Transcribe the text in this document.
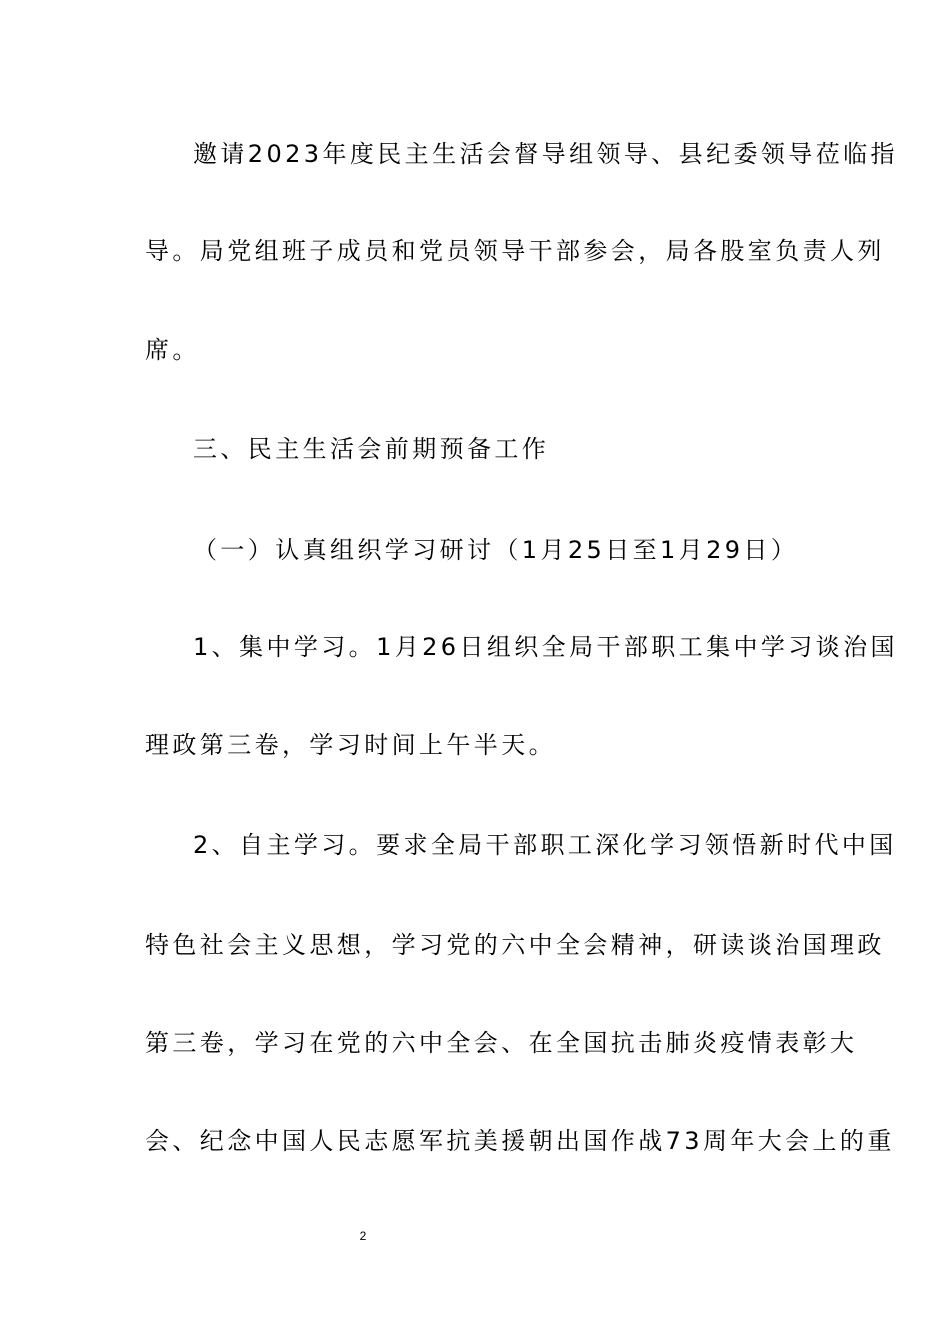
邀请2023年度民主生活会督导组领导、县纪委领导莅临指
导。局党组班子成员和党员领导干部参会，局各股室负责人列
席。
三、民主生活会前期预备工作
（一）认真组织学习研讨（1月25日至1月29日）
1、集中学习。1月26日组织全局干部职工集中学习谈治国
理政第三卷，学习时间上午半天。
2、自主学习。要求全局干部职工深化学习领悟新时代中国
特色社会主义思想，学习党的六中全会精神，研读谈治国理政
第三卷，学习在党的六中全会、在全国抗击肺炎疫情表彰大
会、纪念中国人民志愿军抗美援朝出国作战73周年大会上的重
2
